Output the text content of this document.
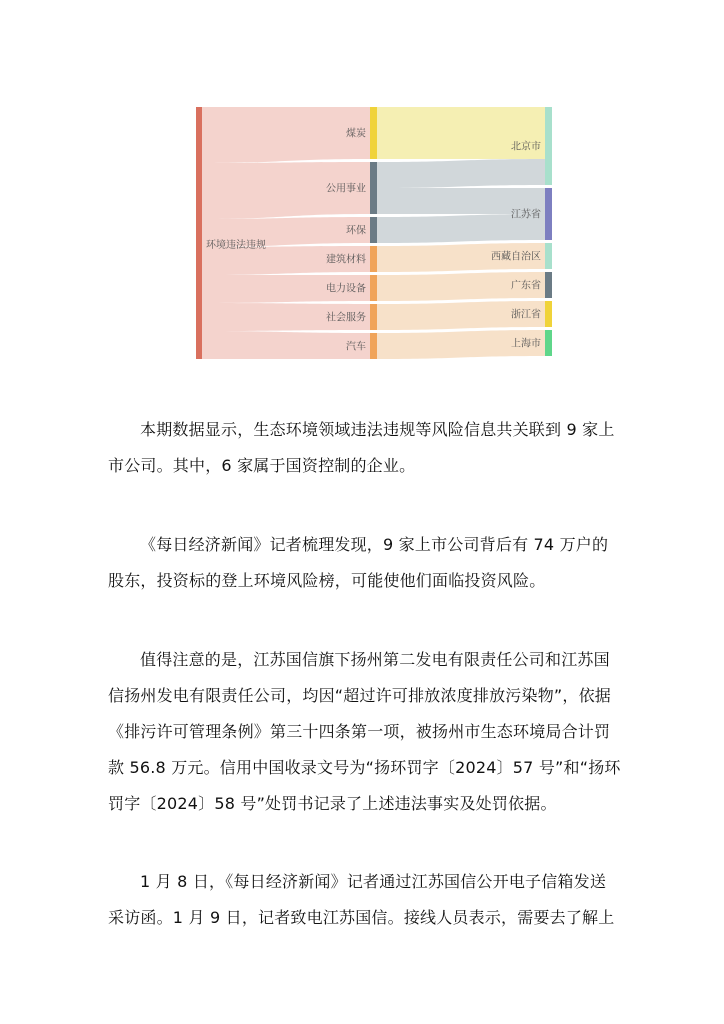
环境违法违规
煤炭
公用事业
环保
建筑材料
电力设备
社会服务
汽车
北京市
江苏省
西藏自治区
广东省
浙江省
上海市

本期数据显示，生态环境领域违法违规等风险信息共关联到 9 家上市公司。其中，6 家属于国资控制的企业。

《每日经济新闻》记者梳理发现，9 家上市公司背后有 74 万户的股东，投资标的登上环境风险榜，可能使他们面临投资风险。

值得注意的是，江苏国信旗下扬州第二发电有限责任公司和江苏国信扬州发电有限责任公司，均因“超过许可排放浓度排放污染物”，依据《排污许可管理条例》第三十四条第一项，被扬州市生态环境局合计罚款 56.8 万元。信用中国收录文号为“扬环罚字〔2024〕57 号”和“扬环罚字〔2024〕58 号”处罚书记录了上述违法事实及处罚依据。

1 月 8 日，《每日经济新闻》记者通过江苏国信公开电子信箱发送采访函。1 月 9 日，记者致电江苏国信。接线人员表示，需要去了解上
